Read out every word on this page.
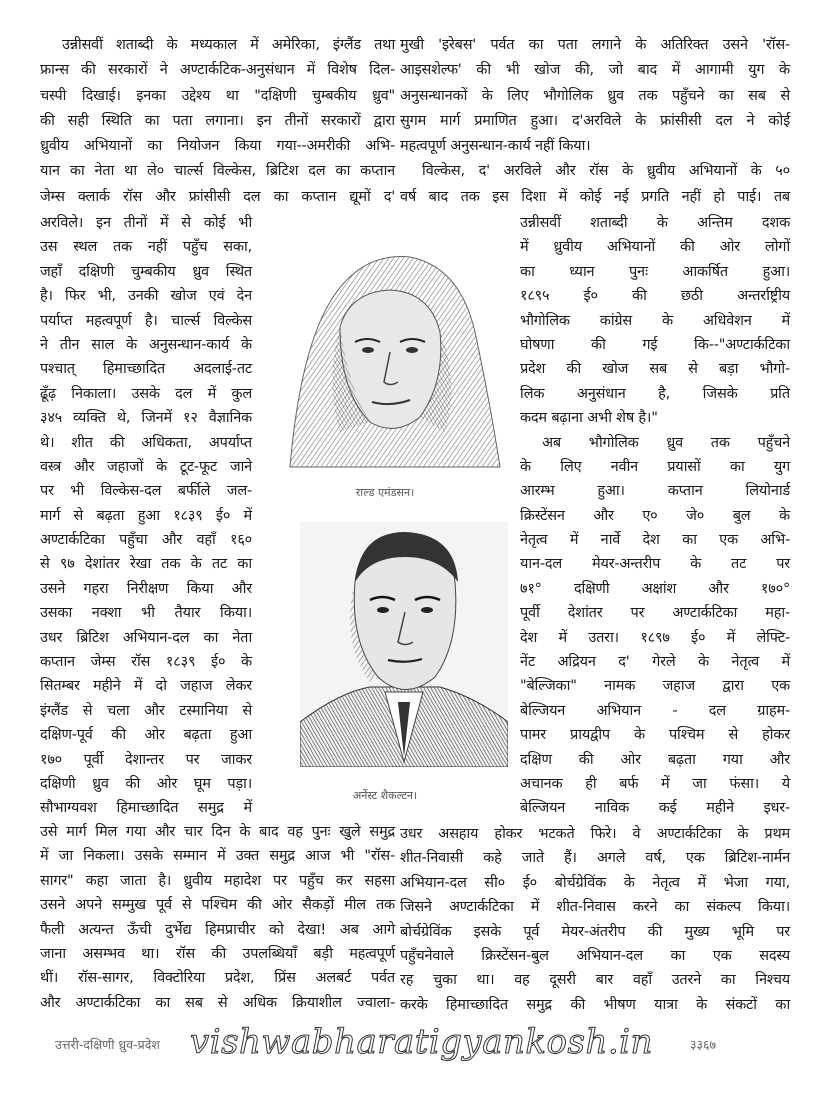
उन्नीसवीं शताब्दी के मध्यकाल में अमेरिका, इंग्लैंड तथा
फ्रान्स की सरकारों ने अण्टार्कटिक-अनुसंधान में विशेष दिल-
चस्पी दिखाई। इनका उद्देश्य था "दक्षिणी चुम्बकीय ध्रुव"
की सही स्थिति का पता लगाना। इन तीनों सरकारों द्वारा
ध्रुवीय अभियानों का नियोजन किया गया--अमरीकी अभि-
यान का नेता था ले० चार्ल्स विल्केस, ब्रिटिश दल का कप्तान
जेम्स क्लार्क रॉस और फ्रांसीसी दल का कप्तान द्यूमों द'
अरविले। इन तीनों में से कोई भी
उस स्थल तक नहीं पहुँच सका,
जहाँ दक्षिणी चुम्बकीय ध्रुव स्थित
है। फिर भी, उनकी खोज एवं देन
पर्याप्त महत्वपूर्ण है। चार्ल्स विल्केस
ने तीन साल के अनुसन्धान-कार्य के
पश्चात् हिमाच्छादित अदलाई-तट
ढूँढ़ निकाला। उसके दल में कुल
३४५ व्यक्ति थे, जिनमें १२ वैज्ञानिक
थे। शीत की अधिकता, अपर्याप्त
वस्त्र और जहाजों के टूट-फूट जाने
पर भी विल्केस-दल बर्फीले जल-
मार्ग से बढ़ता हुआ १८३९ ई० में
अण्टार्कटिका पहुँचा और वहाँ १६०
से ९७ देशांतर रेखा तक के तट का
उसने गहरा निरीक्षण किया और
उसका नक्शा भी तैयार किया।
उधर ब्रिटिश अभियान-दल का नेता
कप्तान जेम्स रॉस १८३९ ई० के
सितम्बर महीने में दो जहाज लेकर
इंग्लैंड से चला और टस्मानिया से
दक्षिण-पूर्व की ओर बढ़ता हुआ
१७० पूर्वी देशान्तर पर जाकर
दक्षिणी ध्रुव की ओर घूम पड़ा।
सौभाग्यवश हिमाच्छादित समुद्र में
उसे मार्ग मिल गया और चार दिन के बाद वह पुनः खुले समुद्र
में जा निकला। उसके सम्मान में उक्त समुद्र आज भी "रॉस-
सागर" कहा जाता है। ध्रुवीय महादेश पर पहुँच कर सहसा
उसने अपने सम्मुख पूर्व से पश्चिम की ओर सैकड़ों मील तक
फैली अत्यन्त ऊँची दुर्भेद्य हिमप्राचीर को देखा! अब आगे
जाना असम्भव था। रॉस की उपलब्धियाँ बड़ी महत्वपूर्ण
थीं। रॉस-सागर, विक्टोरिया प्रदेश, प्रिंस अलबर्ट पर्वत
और अण्टार्कटिका का सब से अधिक क्रियाशील ज्वाला-
मुखी 'इरेबस' पर्वत का पता लगाने के अतिरिक्त उसने 'रॉस-
आइसशेल्फ' की भी खोज की, जो बाद में आगामी युग के
अनुसन्धानकों के लिए भौगोलिक ध्रुव तक पहुँचने का सब से
सुगम मार्ग प्रमाणित हुआ। द'अरविले के फ्रांसीसी दल ने कोई
महत्वपूर्ण अनुसन्धान-कार्य नहीं किया।
विल्केस, द' अरविले और रॉस के ध्रुवीय अभियानों के ५०
वर्ष बाद तक इस दिशा में कोई नई प्रगति नहीं हो पाई। तब
उन्नीसवीं शताब्दी के अन्तिम दशक
में ध्रुवीय अभियानों की ओर लोगों
का ध्यान पुनः आकर्षित हुआ।
१८९५ ई० की छठी अन्तर्राष्ट्रीय
भौगोलिक कांग्रेस के अधिवेशन में
घोषणा की गई कि--"अण्टार्कटिका
प्रदेश की खोज सब से बड़ा भौगो-
लिक अनुसंधान है, जिसके प्रति
कदम बढ़ाना अभी शेष है।"
अब भौगोलिक ध्रुव तक पहुँचने
के लिए नवीन प्रयासों का युग
आरम्भ हुआ। कप्तान लियोनार्ड
क्रिस्टेंसन और ए० जे० बुल के
नेतृत्व में नार्वे देश का एक अभि-
यान-दल मेयर-अन्तरीप के तट पर
७१° दक्षिणी अक्षांश और १७०°
पूर्वी देशांतर पर अण्टार्कटिका महा-
देश में उतरा। १८९७ ई० में लेफ्टि-
नेंट अद्रियन द' गेरले के नेतृत्व में
"बेल्जिका" नामक जहाज द्वारा एक
बेल्जियन अभियान - दल ग्राहम-
पामर प्रायद्वीप के पश्चिम से होकर
दक्षिण की ओर बढ़ता गया और
अचानक ही बर्फ में जा फंसा। ये
बेल्जियन नाविक कई महीने इधर-
उधर असहाय होकर भटकते फिरे। वे अण्टार्कटिका के प्रथम
शीत-निवासी कहे जाते हैं। अगले वर्ष, एक ब्रिटिश-नार्मन
अभियान-दल सी० ई० बोर्चग्रेविंक के नेतृत्व में भेजा गया,
जिसने अण्टार्कटिका में शीत-निवास करने का संकल्प किया।
बोर्चग्रेविंक इसके पूर्व मेयर-अंतरीप की मुख्य भूमि पर
पहुँचनेवाले क्रिस्टेंसन-बुल अभियान-दल का एक सदस्य
रह चुका था। वह दूसरी बार वहाँ उतरने का निश्चय
करके हिमाच्छादित समुद्र की भीषण यात्रा के संकटों का
राल्ड एमंडसन।
अर्नेस्ट शैकल्टन।
उत्तरी-दक्षिणी ध्रुव-प्रदेश	३३६७
vishwabharatigyankosh.in
